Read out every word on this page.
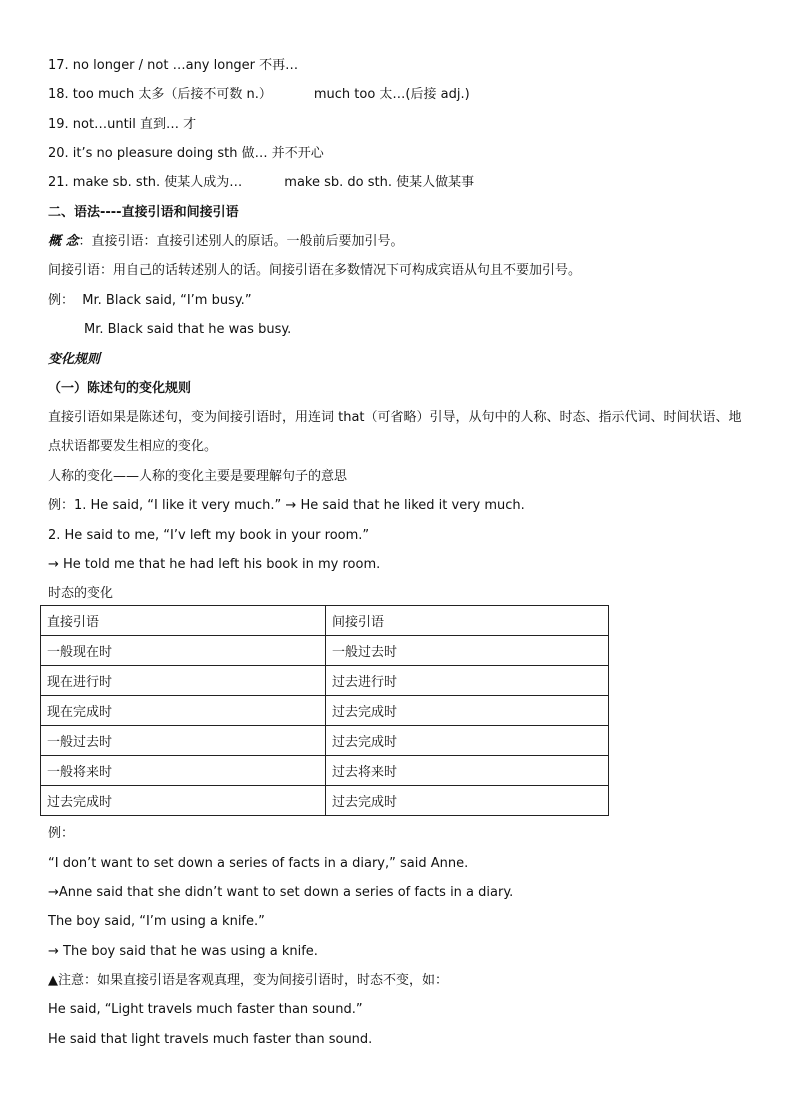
17. no longer / not …any longer 不再…
18. too much 太多（后接不可数 n.）	much too 太…(后接 adj.)
19. not…until 直到… 才
20. it’s no pleasure doing sth 做… 并不开心
21. make sb. sth. 使某人成为…	make sb. do sth. 使某人做某事
二、语法----直接引语和间接引语
概 念：直接引语：直接引述别人的原话。一般前后要加引号。
间接引语：用自己的话转述别人的话。间接引语在多数情况下可构成宾语从句且不要加引号。
例： Mr. Black said, “I’m busy.”
Mr. Black said that he was busy.
变化规则
（一）陈述句的变化规则
直接引语如果是陈述句，变为间接引语时，用连词 that（可省略）引导，从句中的人称、时态、指示代词、时间状语、地点状语都要发生相应的变化。
人称的变化——人称的变化主要是要理解句子的意思
例：1. He said, “I like it very much.” → He said that he liked it very much.
2. He said to me, “I’v left my book in your room.”
→ He told me that he had left his book in my room.
时态的变化
直接引语	间接引语
一般现在时	一般过去时
现在进行时	过去进行时
现在完成时	过去完成时
一般过去时	过去完成时
一般将来时	过去将来时
过去完成时	过去完成时
例：
“I don’t want to set down a series of facts in a diary,” said Anne.
→Anne said that she didn’t want to set down a series of facts in a diary.
The boy said, “I’m using a knife.”
→ The boy said that he was using a knife.
▲注意：如果直接引语是客观真理，变为间接引语时，时态不变，如：
He said, “Light travels much faster than sound.”
He said that light travels much faster than sound.
